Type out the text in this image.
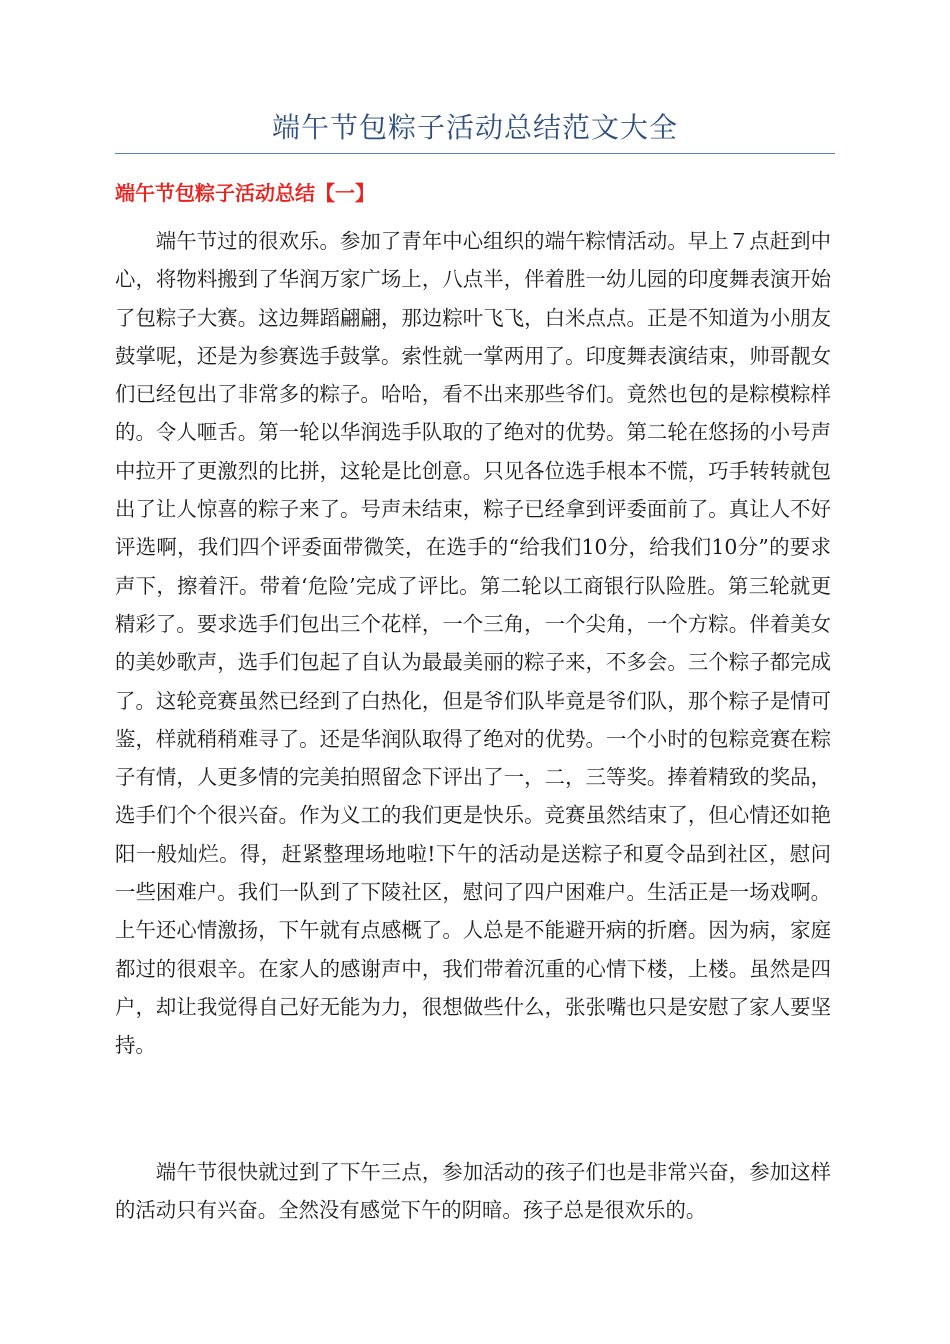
端午节包粽子活动总结范文大全
端午节包粽子活动总结【一】

端午节过的很欢乐。参加了青年中心组织的端午粽情活动。早上７点赶到中心，将物料搬到了华润万家广场上，八点半，伴着胜一幼儿园的印度舞表演开始了包粽子大赛。这边舞蹈翩翩，那边粽叶飞飞，白米点点。正是不知道为小朋友鼓掌呢，还是为参赛选手鼓掌。索性就一掌两用了。印度舞表演结束，帅哥靓女们已经包出了非常多的粽子。哈哈，看不出来那些爷们。竟然也包的是粽模粽样的。令人咂舌。第一轮以华润选手队取的了绝对的优势。第二轮在悠扬的小号声中拉开了更激烈的比拼，这轮是比创意。只见各位选手根本不慌，巧手转转就包出了让人惊喜的粽子来了。号声未结束，粽子已经拿到评委面前了。真让人不好评选啊，我们四个评委面带微笑，在选手的“给我们10分，给我们10分”的要求声下，擦着汗。带着‘危险’完成了评比。第二轮以工商银行队险胜。第三轮就更精彩了。要求选手们包出三个花样，一个三角，一个尖角，一个方粽。伴着美女的美妙歌声，选手们包起了自认为最最美丽的粽子来，不多会。三个粽子都完成了。这轮竞赛虽然已经到了白热化，但是爷们队毕竟是爷们队，那个粽子是情可鉴，样就稍稍难寻了。还是华润队取得了绝对的优势。一个小时的包粽竞赛在粽子有情，人更多情的完美拍照留念下评出了一，二，三等奖。捧着精致的奖品，选手们个个很兴奋。作为义工的我们更是快乐。竞赛虽然结束了，但心情还如艳阳一般灿烂。得，赶紧整理场地啦!下午的活动是送粽子和夏令品到社区，慰问一些困难户。我们一队到了下陵社区，慰问了四户困难户。生活正是一场戏啊。上午还心情激扬，下午就有点感概了。人总是不能避开病的折磨。因为病，家庭都过的很艰辛。在家人的感谢声中，我们带着沉重的心情下楼，上楼。虽然是四户，却让我觉得自己好无能为力，很想做些什么，张张嘴也只是安慰了家人要坚持。

端午节很快就过到了下午三点，参加活动的孩子们也是非常兴奋，参加这样的活动只有兴奋。全然没有感觉下午的阴暗。孩子总是很欢乐的。
